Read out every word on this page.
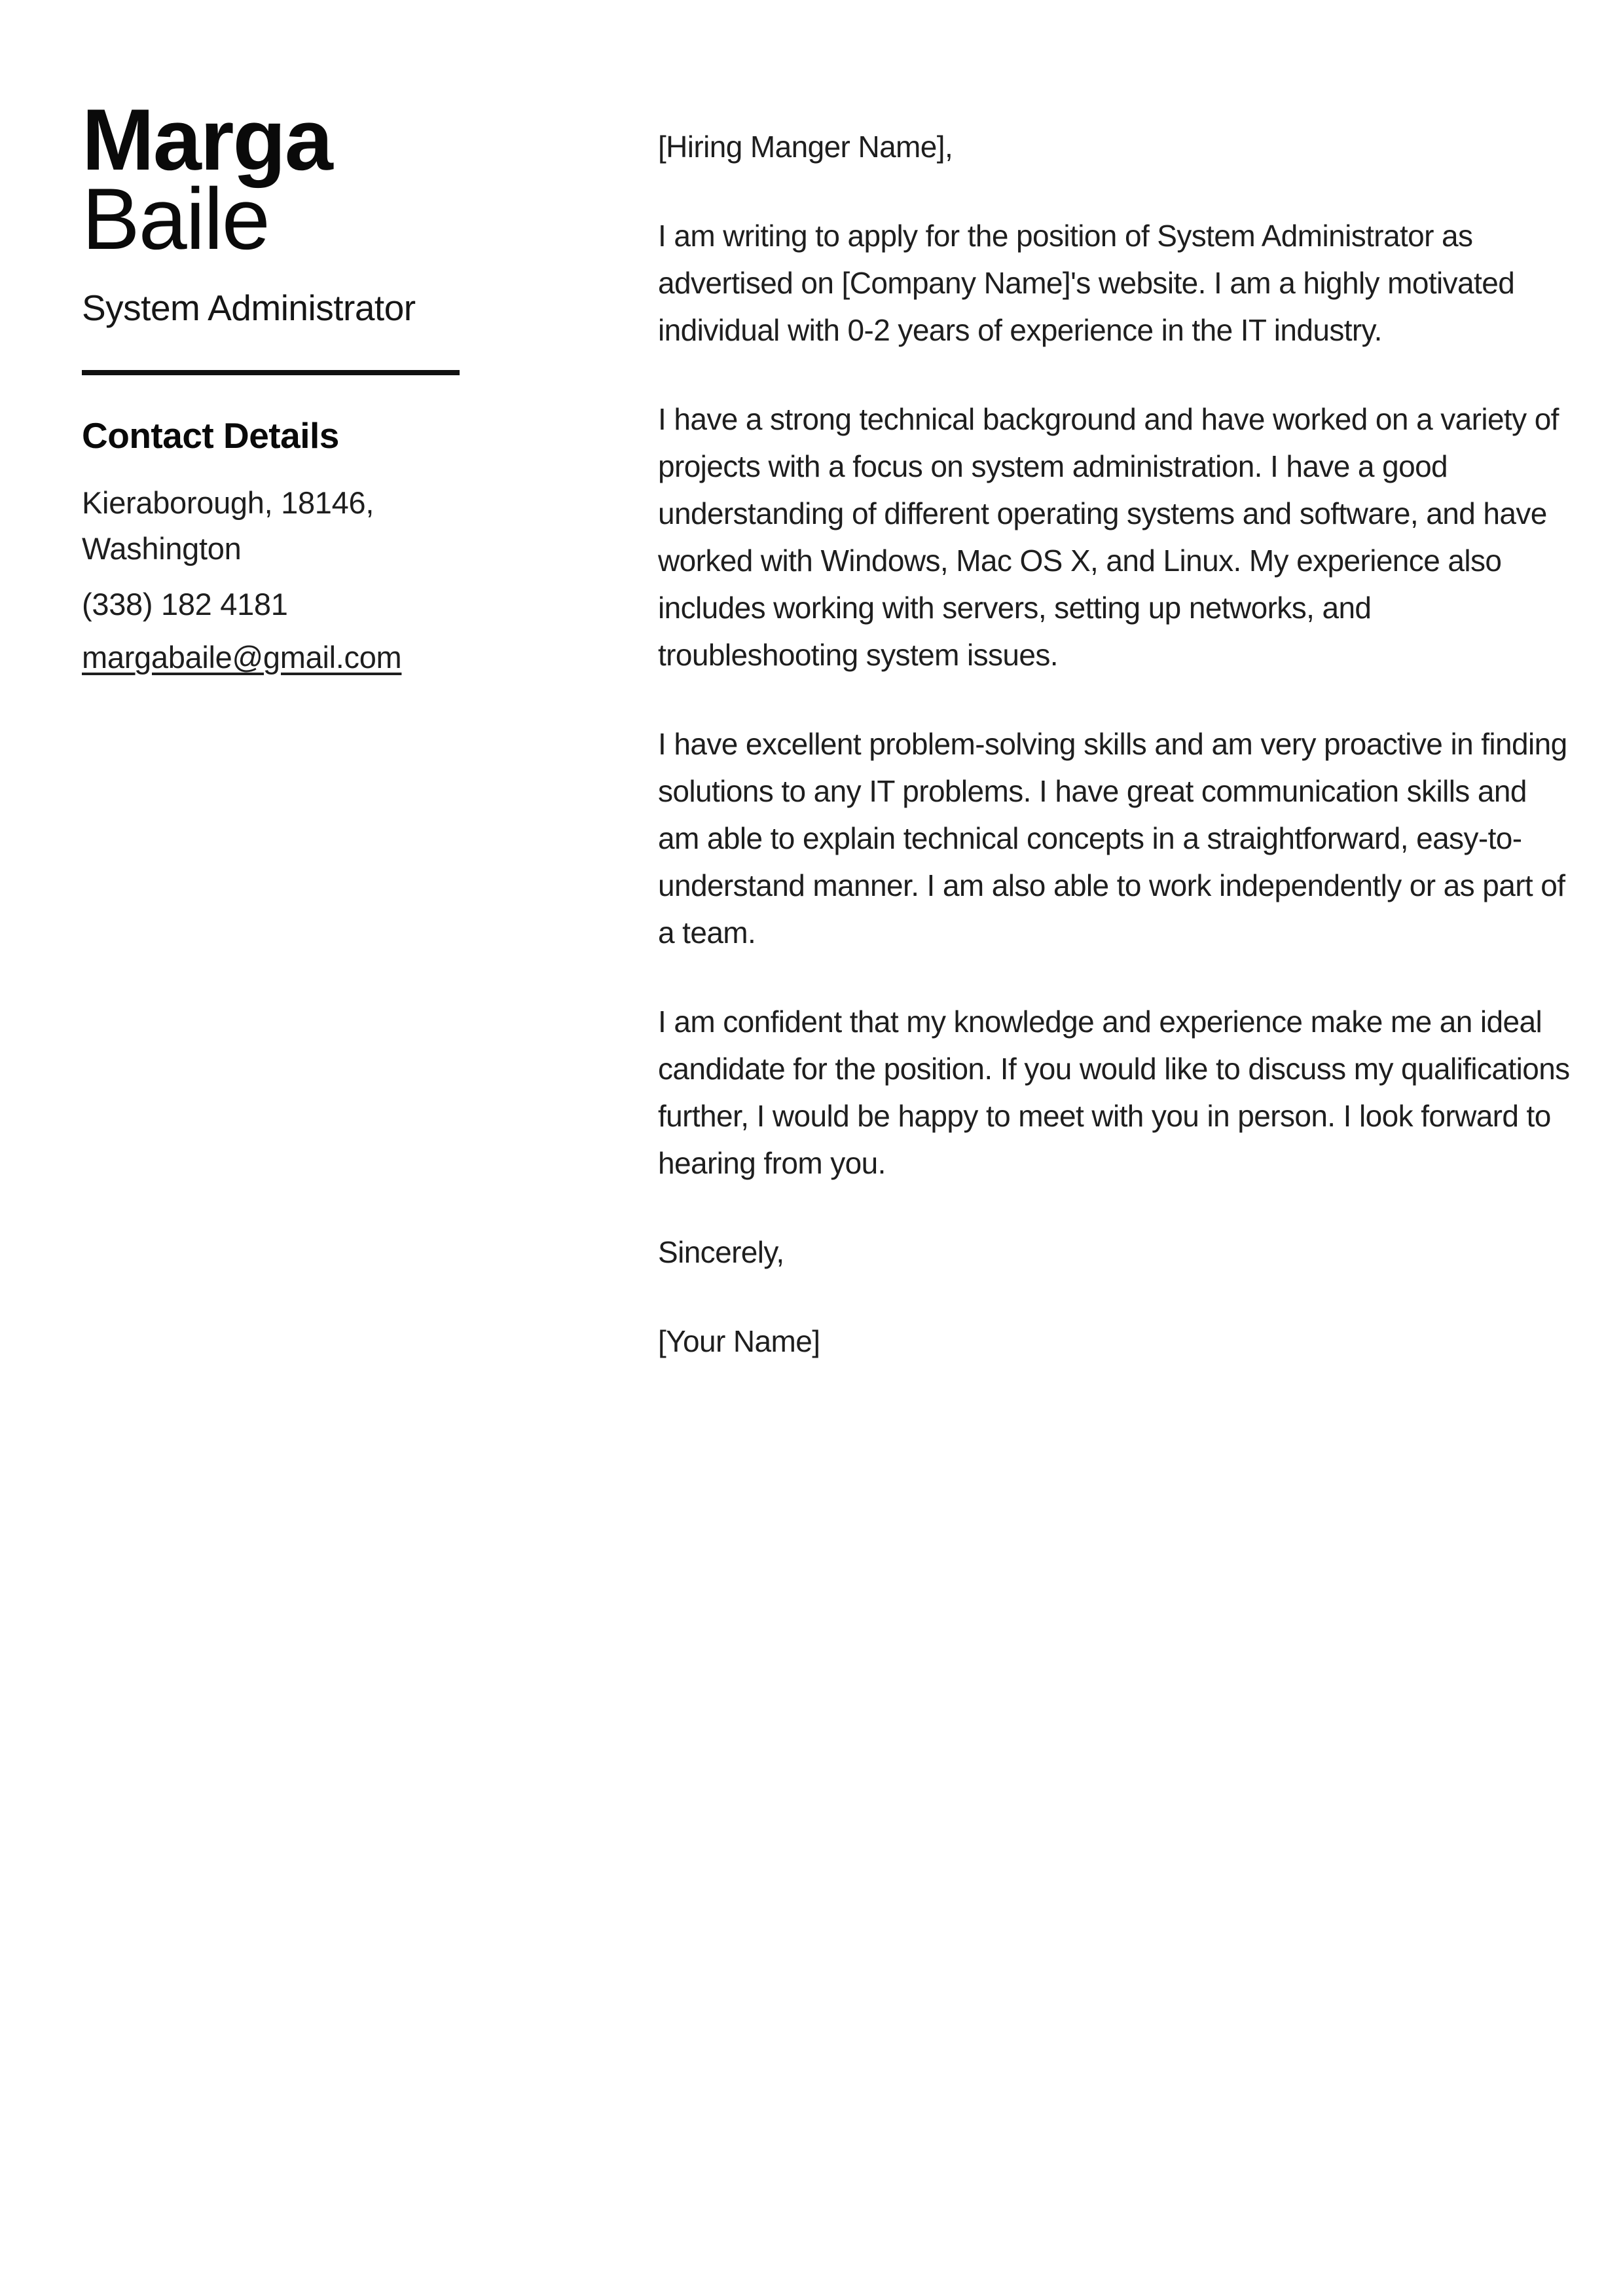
Marga
Baile
System Administrator
Contact Details

Kieraborough, 18146,
Washington

(338) 182 4181

margabaile@gmail.com

[Hiring Manger Name],

I am writing to apply for the position of System Administrator as advertised on [Company Name]'s website. I am a highly motivated individual with 0-2 years of experience in the IT industry.

I have a strong technical background and have worked on a variety of projects with a focus on system administration. I have a good understanding of different operating systems and software, and have worked with Windows, Mac OS X, and Linux. My experience also includes working with servers, setting up networks, and troubleshooting system issues.

I have excellent problem-solving skills and am very proactive in finding solutions to any IT problems. I have great communication skills and am able to explain technical concepts in a straightforward, easy-to-understand manner. I am also able to work independently or as part of a team.

I am confident that my knowledge and experience make me an ideal candidate for the position. If you would like to discuss my qualifications further, I would be happy to meet with you in person. I look forward to hearing from you.

Sincerely,

[Your Name]
